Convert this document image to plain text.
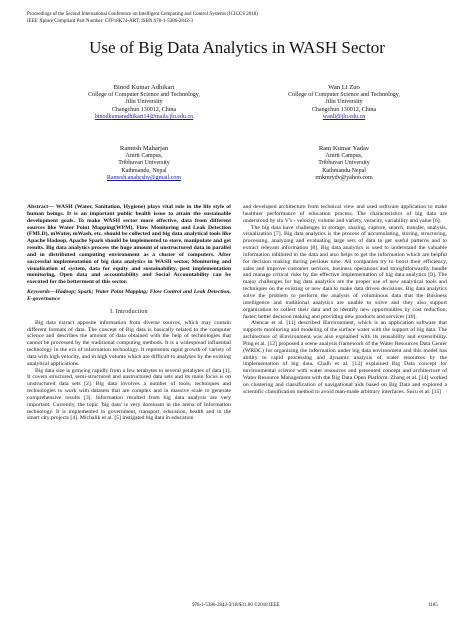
Proceedings of the Second International Conference on Intelligent Computing and Control Systems (ICICCS 2018)
IEEE Xplore Compliant Part Number: CFP18K74-ART; ISBN:978-1-5386-2842-3
Use of Big Data Analytics in WASH Sector
Binod Kumar Adhikari
College of Computer Science and Technology,
Jilin University
Changchun 130012, China
binodkumaradhikari14@mails.jlu.edu.cn
Wan Li Zuo
College of Computer Science and Technology,
Jilin University
Changchun 130012, China
wanli@jlu.edu.cn
Ramesh Maharjan
Amrit Campus,
Tribhuvan University
Kathmandu, Nepal
Ramesh.anahcshy@gmail.com
Ram Kumar Yadav
Amrit Campus,
Tribhuvan University
Kathmandu Nepal
rmkmrydv@yahoo.com
Abstract— WASH (Water, Sanitation, Hygiene) plays vital role in the life style of human beings. It is an important public health issue to attain the sustainable development goals. To make WASH sector more effective, data from different sources like Water Point Mapping(WPM), Flow Monitoring and Leak Detection (FMLD), mWater, mWash, etc. should be collected and big data analytical tools like Apache Hadoop, Apache Spark should be implemented to store, manipulate and get results. Big data analytics process the huge amount of unstructured data in parallel and in distributed computing environment as a cluster of computers. After successful implementation of big data analytics in WASH sector, Monitoring and visualization of system, data for equity and sustainability, pest implementation monitoring, Open data and accountability and Social Accountability can be executed for the betterment of this sector.
Keywords—Hadoop; Spark; Water Point Mapping; Flow Control and Leak Detection, E-governance
I. Introduction

Big data extract apposite information from diverse sources, which may contain different formats of data. The concept of Big data is basically related to the computer science and describes the amount of data obtained with the help of technologies that cannot be processed by the traditional computing methods. It is a widespread influential technology in the era of information technology. It represents rapid growth of variety of data with high velocity, and in high volume which are difficult to analyses by the existing analytical applications.

Big data size is growing rapidly from a few terabytes to several petabytes of data [1]. It covers structured, semi-structured and unstructured data sets and its main focus is on unstructured data sets [2]. Big data involves a number of tools, techniques and technologies to work with datasets that are complex and in massive scale to generate comprehensive results [3]. Information resulted from big data analysis are very important. Currently, the topic 'big data' is very dominant in the arena of Information technology. It is implemented in government, transport, education, health and in the smart city projects [4]. Michalik et al. [5] instigated big data in education

and developed architecture from technical view and used software application to make healthier performance of education process. The characteristics of big data are understood by six V's - velocity, volume and variety, veracity, variability and value [6].

The big data have challenges in storage, sharing, capture, search, transfer, analysis, visualization [7]. Big data analytics is the process of accumulating, storing, structuring, processing, analyzing and evaluating large sets of data to get useful patterns and to extract relevant information [8]. Big data analytics is used to understand the valuable information inhibited in the data and also helps to get the information which are helpful for decision making during perilous time. All companies try to boost their efficiency, sales and improve customer services, business operations and straightforwardly handle and manage critical risks by the effective implementation of big data analytics [9]. The major challenges for big data analytics are the proper use of new analytical tools and techniques on the existing or new data to make data driven decisions. Big data analytics solve the problem to perform the analysis of voluminous data that the Business intelligence and traditional analytics are unable to solve and they also support organization to collect their data and to identify new opportunities by cost reduction, faster, better decision making and providing new products and services [10].

Alencar et al. [11] described iEnvironment, which is an application software that supports monitoring and modeling of the surface water with the support of big data. The architecture of iEnvironment was also explained with its reusability and extensibility. Ping et al. [12] proposed a scene analysis framework of the Water Resources Data Center (WRDC) for organizing the information under big data environment and this model has ability to rapid processing and dynamic analysis of water resources by the implementation of big data. Chalh et al. [13] explained Big Data concept for environmental science with water resources and presented concept and architecture of Water Resource Management with the Big Data Open Platform. Zhang et al. [14] worked on clustering and classification of navigational aids based on Big Data and explored a scientific classification method to avoid man-made arbitrary interfaces. Sucu et al. [15]

978-1-5386-2842-3/18/$31.00 ©2018 IEEE	1185
